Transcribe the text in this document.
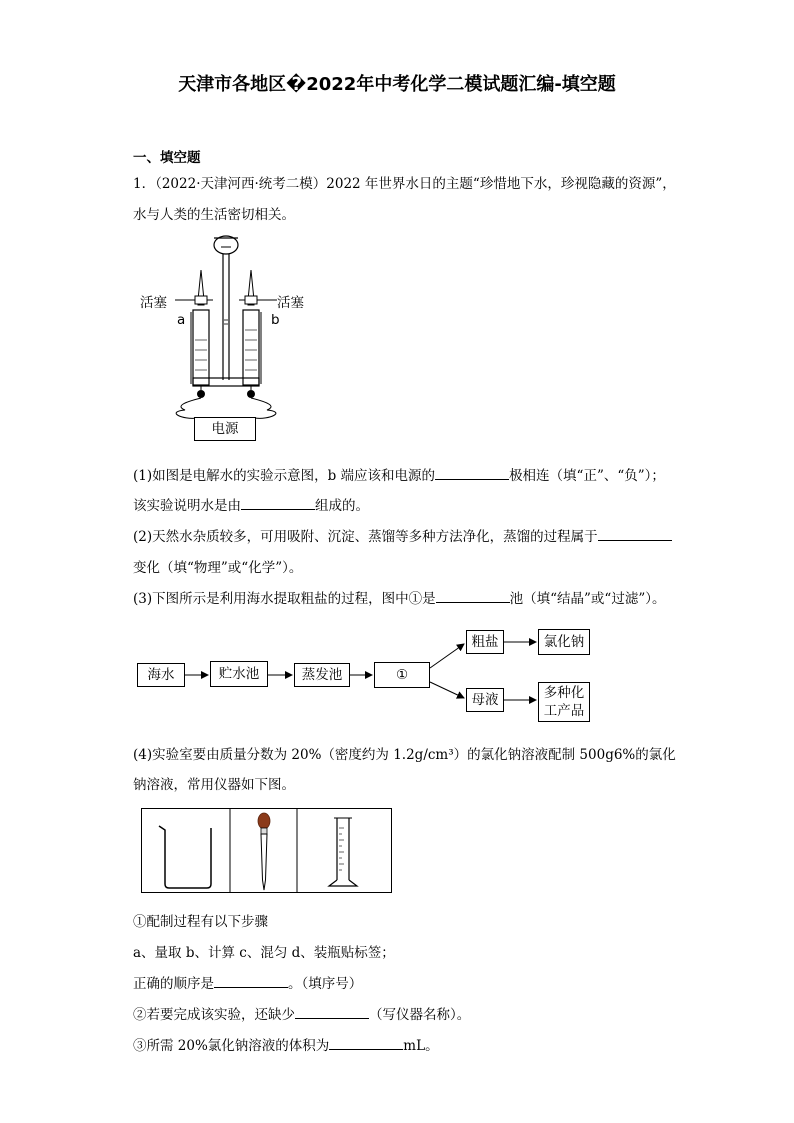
天津市各地区�2022年中考化学二模试题汇编-填空题
一、填空题
1．（2022·天津河西·统考二模）2022 年世界水日的主题“珍惜地下水，珍视隐藏的资源”，
水与人类的生活密切相关。
活塞	活塞
a	b
电源
(1)如图是电解水的实验示意图，b 端应该和电源的	极相连（填“正”、“负”）；
该实验说明水是由	组成的。
(2)天然水杂质较多，可用吸附、沉淀、蒸馏等多种方法净化，蒸馏的过程属于
变化（填“物理”或“化学”）。
(3)下图所示是利用海水提取粗盐的过程，图中①是	池（填“结晶”或“过滤”）。
海水	贮水池	蒸发池	①
粗盐	氯化钠
母液	多种化
工产品
(4)实验室要由质量分数为 20%（密度约为 1.2g/cm³）的氯化钠溶液配制 500g6%的氯化
钠溶液，常用仪器如下图。
①配制过程有以下步骤
a、量取 b、计算 c、混匀 d、装瓶贴标签；
正确的顺序是	。（填序号）
②若要完成该实验，还缺少	（写仪器名称）。
③所需 20%氯化钠溶液的体积为	mL。
